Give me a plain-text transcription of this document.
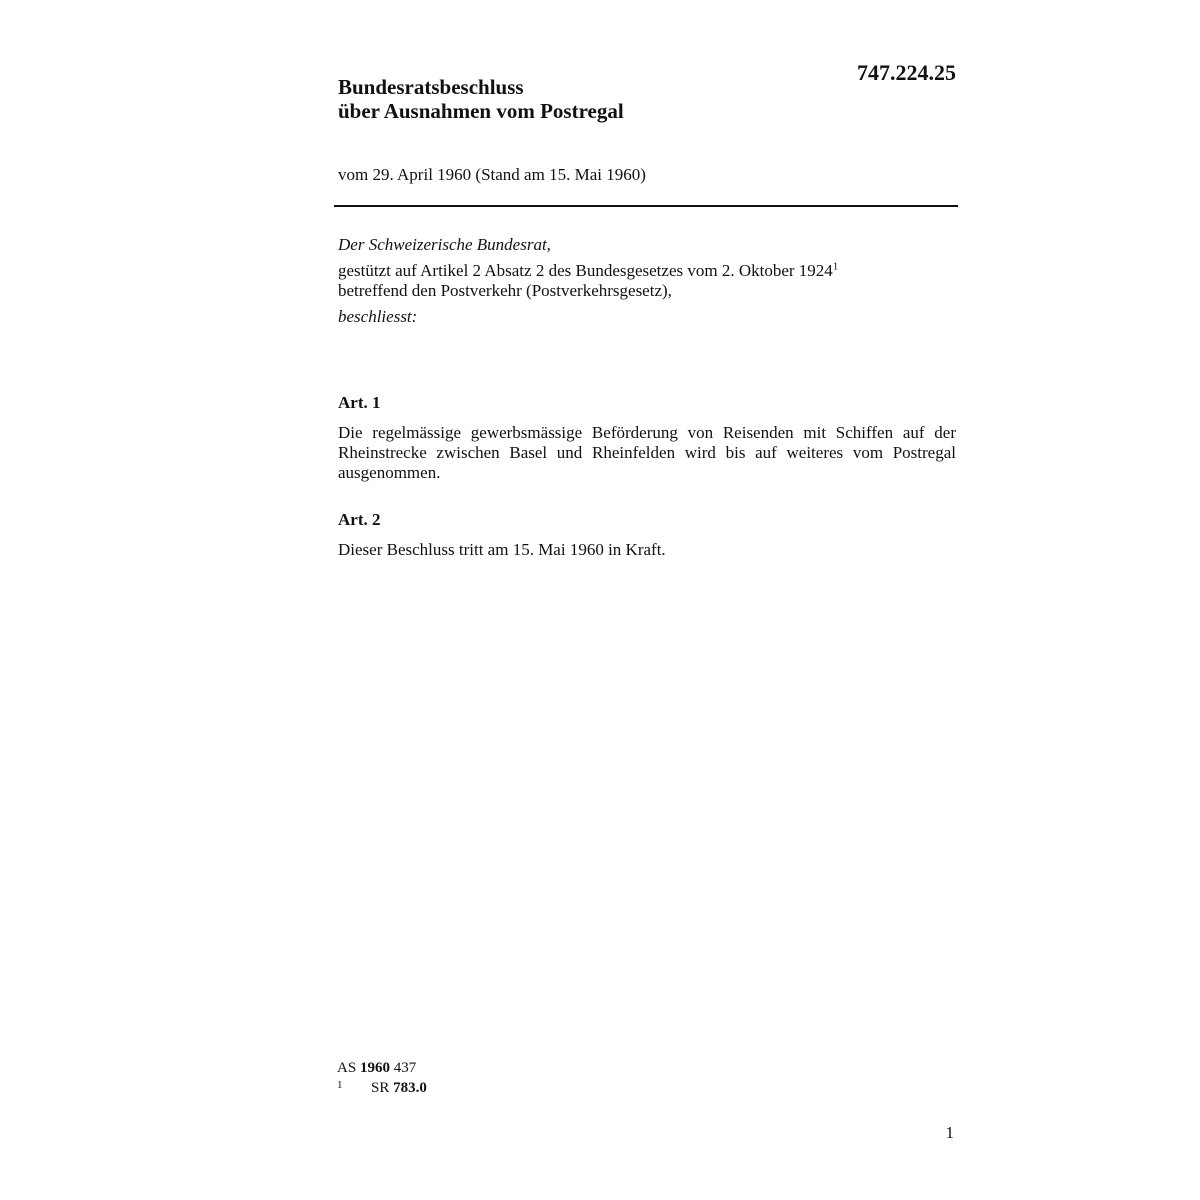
747.224.25
Bundesratsbeschluss
über Ausnahmen vom Postregal
vom 29. April 1960 (Stand am 15. Mai 1960)
Der Schweizerische Bundesrat,
gestützt auf Artikel 2 Absatz 2 des Bundesgesetzes vom 2. Oktober 1924$^1$
betreffend den Postverkehr (Postverkehrsgesetz),
beschliesst:
Art. 1
Die regelmässige gewerbsmässige Beförderung von Reisenden mit Schiffen auf der Rheinstrecke zwischen Basel und Rheinfelden wird bis auf weiteres vom Postregal ausgenommen.
Art. 2
Dieser Beschluss tritt am 15. Mai 1960 in Kraft.
AS 1960 437
1 SR 783.0
1
